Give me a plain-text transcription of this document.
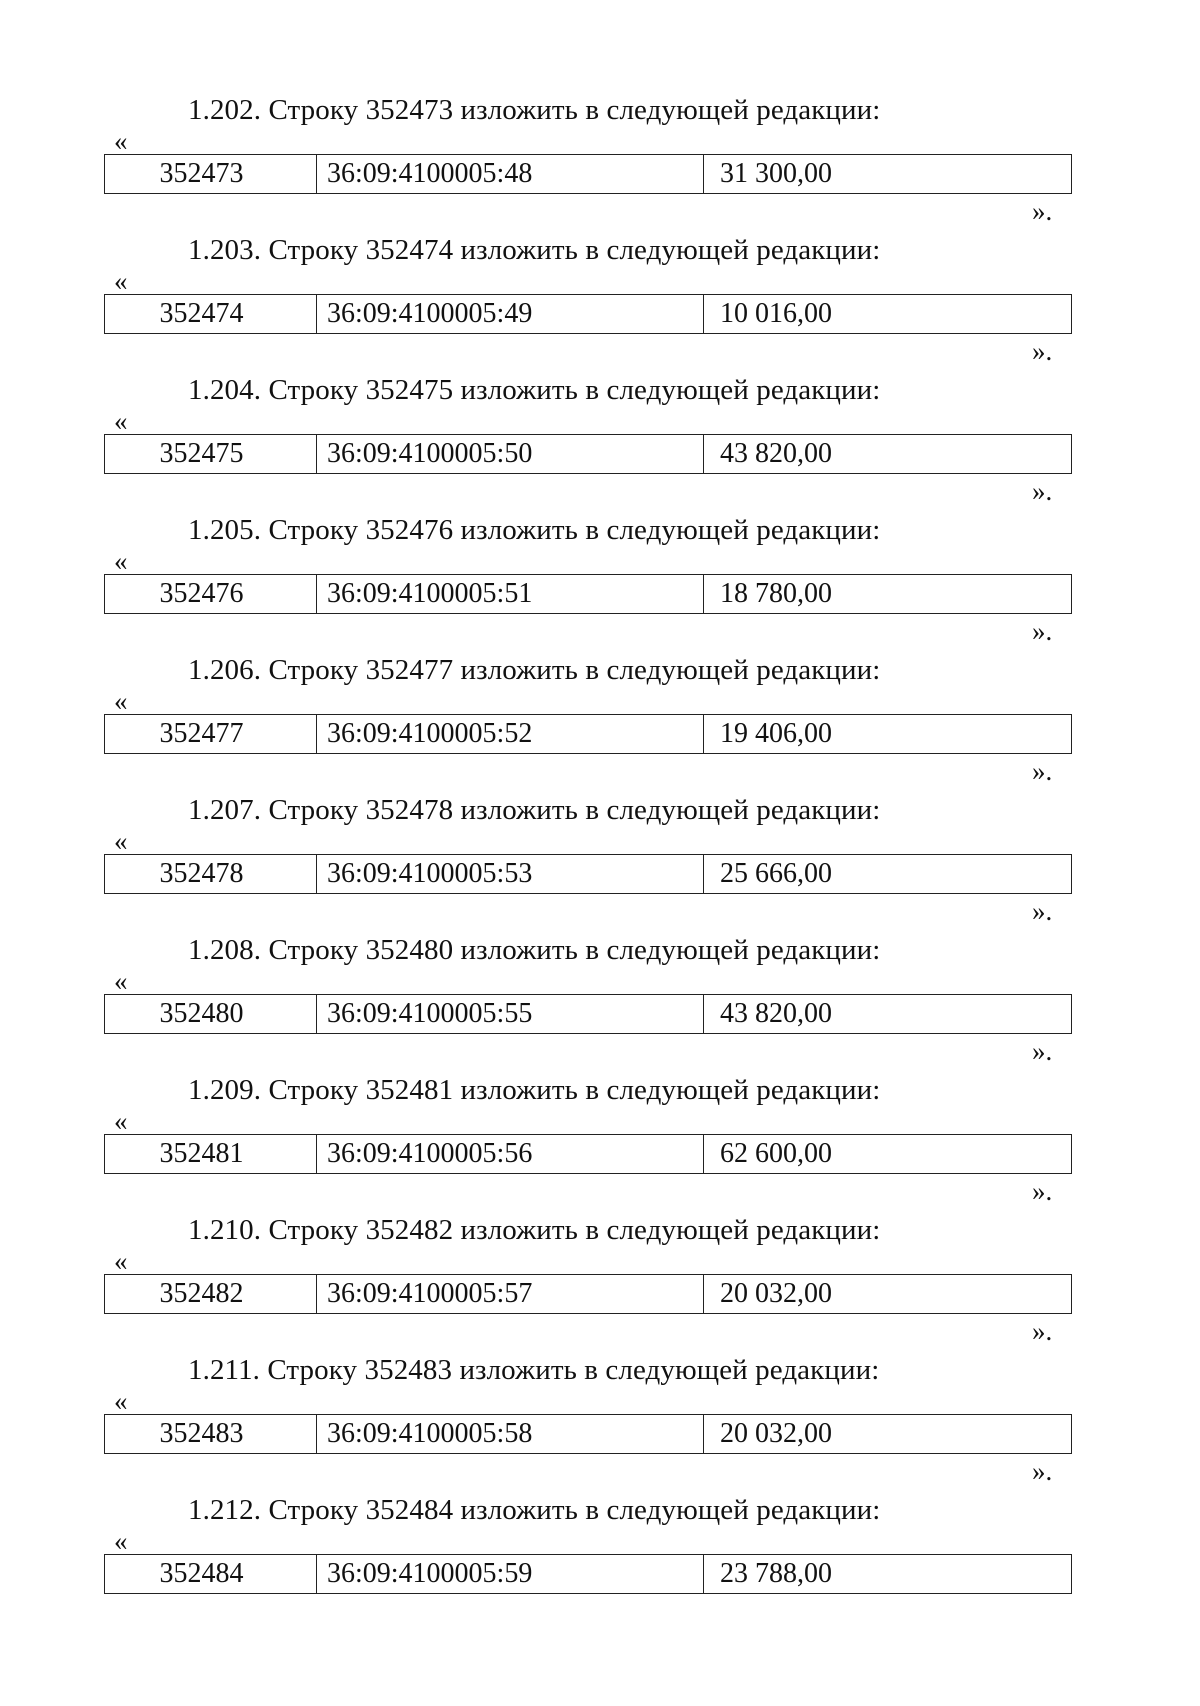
1.202. Строку 352473 изложить в следующей редакции:
«
352473	36:09:4100005:48	31 300,00
».
1.203. Строку 352474 изложить в следующей редакции:
«
352474	36:09:4100005:49	10 016,00
».
1.204. Строку 352475 изложить в следующей редакции:
«
352475	36:09:4100005:50	43 820,00
».
1.205. Строку 352476 изложить в следующей редакции:
«
352476	36:09:4100005:51	18 780,00
».
1.206. Строку 352477 изложить в следующей редакции:
«
352477	36:09:4100005:52	19 406,00
».
1.207. Строку 352478 изложить в следующей редакции:
«
352478	36:09:4100005:53	25 666,00
».
1.208. Строку 352480 изложить в следующей редакции:
«
352480	36:09:4100005:55	43 820,00
».
1.209. Строку 352481 изложить в следующей редакции:
«
352481	36:09:4100005:56	62 600,00
».
1.210. Строку 352482 изложить в следующей редакции:
«
352482	36:09:4100005:57	20 032,00
».
1.211. Строку 352483 изложить в следующей редакции:
«
352483	36:09:4100005:58	20 032,00
».
1.212. Строку 352484 изложить в следующей редакции:
«
352484	36:09:4100005:59	23 788,00
